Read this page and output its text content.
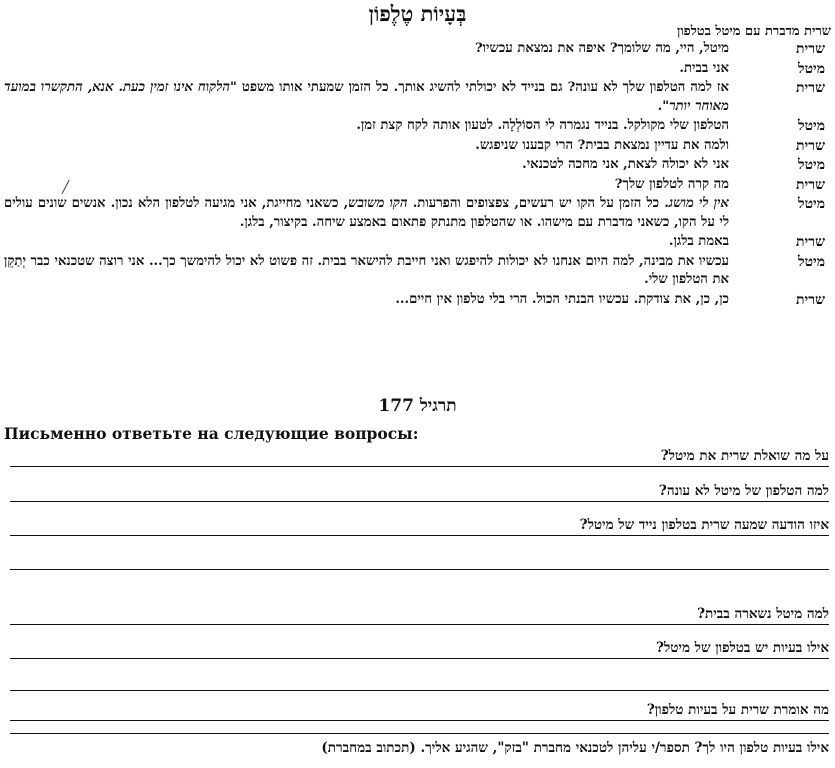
בְּעָיוֹת טֶלֶפוֹן
שרית מדברת עם מיטל בטלפון
שרית
מיטל, היי, מה שלומך? איפה את נמצאת עכשיו?
מיטל
אני בבית.
שרית
אז למה הטלפון שלך לא עונה? גם בנייד לא יכולתי להשיג אותך. כל הזמן שמעתי אותו משפט "הלקוח אינו זמין כעת. אנא, התקשרו במועד מאוחר יותר".
מיטל
הטלפון שלי מקולקל. בנייד נגמרה לי הסוֹלְלָה. לטעון אותה לקח קצת זמן.
שרית
ולמה את עדיין נמצאת בבית? הרי קבענו שניפגש.
מיטל
אני לא יכולה לצאת, אני מחכה לטכנאי.
שרית
מה קרה לטלפון שלך?
מיטל
אין לי מושג. כל הזמן על הקו יש רעשים, צפצופים והפרעות. הקו משובש, כשאני מחייגת, אני מגיעה לטלפון הלא נכון. אנשים שונים עולים לי על הקו, כשאני מדברת עם מישהו. או שהטלפון מתנתק פתאום באמצע שיחה. בקיצור, בלגן.
שרית
באמת בלגן.
מיטל
עכשיו את מבינה, למה היום אנחנו לא יכולות להיפגש ואני חייבת להישאר בבית. זה פשוט לא יכול להימשך כך... אני רוצה שטכנאי כבר יְתַקֵן את הטלפון שלי.
שרית
כן, כן, את צודקת. עכשיו הבנתי הכול. הרי בלי טלפון אין חיים...
╱
תרגיל 177
Письменно ответьте на следующие вопросы:
על מה שואלת שרית את מיטל?
למה הטלפון של מיטל לא עונה?
איזו הודעה שמעה שרית בטלפון נייד של מיטל?
למה מיטל נשארה בבית?
אילו בעיות יש בטלפון של מיטל?
מה אומרת שרית על בעיות טלפון?
אילו בעיות טלפון היו לך? תספר/י עליהן לטכנאי מחברת "בזק", שהגיע אליך. (תכתוב במחברת)
